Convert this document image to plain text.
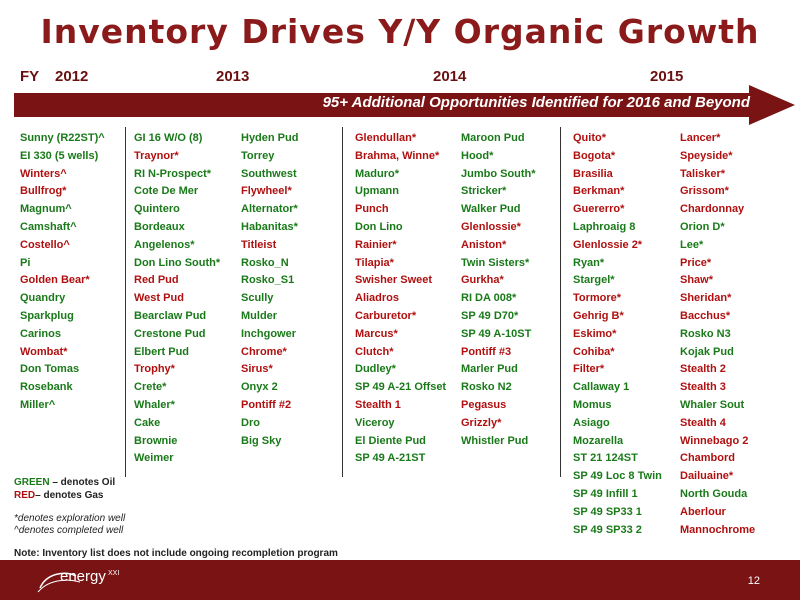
Inventory Drives Y/Y Organic Growth
FY 2012	2013	2014	2015
95+ Additional Opportunities Identified for 2016 and Beyond
Sunny (R22ST)^
EI 330 (5 wells)
Winters^
Bullfrog*
Magnum^
Camshaft^
Costello^
Pi
Golden Bear*
Quandry
Sparkplug
Carinos
Wombat*
Don Tomas
Rosebank
Miller^
GI 16 W/O (8)
Traynor*
RI N-Prospect*
Cote De Mer
Quintero
Bordeaux
Angelenos*
Don Lino South*
Red Pud
West Pud
Bearclaw Pud
Crestone Pud
Elbert Pud
Trophy*
Crete*
Whaler*
Cake
Brownie
Weimer
Hyden Pud
Torrey
Southwest
Flywheel*
Alternator*
Habanitas*
Titleist
Rosko_N
Rosko_S1
Scully
Mulder
Inchgower
Chrome*
Sirus*
Onyx 2
Pontiff #2
Dro
Big Sky
Glendullan*
Brahma, Winne*
Maduro*
Upmann
Punch
Don Lino
Rainier*
Tilapia*
Swisher Sweet
Aliadros
Carburetor*
Marcus*
Clutch*
Dudley*
SP 49 A-21 Offset
Stealth 1
Viceroy
El Diente Pud
SP 49 A-21ST
Maroon Pud
Hood*
Jumbo South*
Stricker*
Walker Pud
Glenlossie*
Aniston*
Twin Sisters*
Gurkha*
RI DA 008*
SP 49 D70*
SP 49 A-10ST
Pontiff #3
Marler Pud
Rosko N2
Pegasus
Grizzly*
Whistler Pud
Quito*
Bogota*
Brasilia
Berkman*
Guererro*
Laphroaig 8
Glenlossie 2*
Ryan*
Stargel*
Tormore*
Gehrig B*
Eskimo*
Cohiba*
Filter*
Callaway 1
Momus
Asiago
Mozarella
ST 21 124ST
SP 49 Loc 8 Twin
SP 49 Infill 1
SP 49 SP33 1
SP 49 SP33 2
Lancer*
Speyside*
Talisker*
Grissom*
Chardonnay
Orion D*
Lee*
Price*
Shaw*
Sheridan*
Bacchus*
Rosko N3
Kojak Pud
Stealth 2
Stealth 3
Whaler Sout
Stealth 4
Winnebago 2
Chambord
Dailuaine*
North Gouda
Aberlour
Mannochrome
GREEN – denotes Oil
RED– denotes Gas
*denotes exploration well
^denotes completed well
Note: Inventory list does not include ongoing recompletion program
energy XXI
12
